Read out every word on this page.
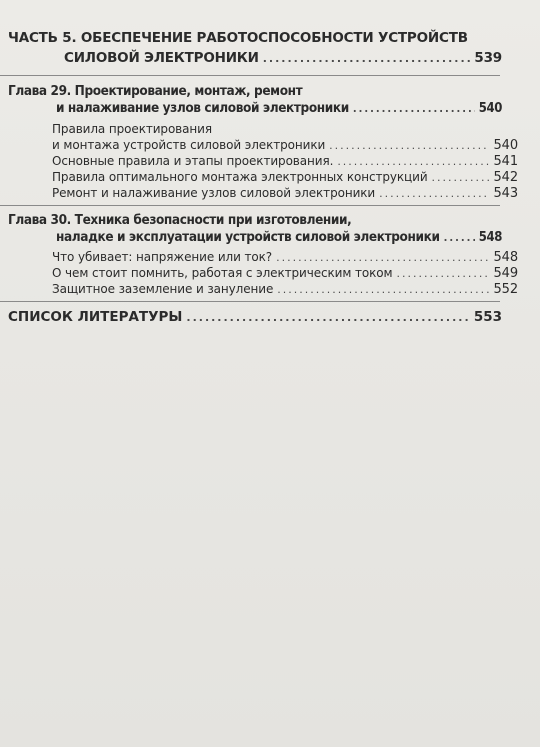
ЧАСТЬ 5. ОБЕСПЕЧЕНИЕ РАБОТОСПОСОБНОСТИ УСТРОЙСТВ
СИЛОВОЙ ЭЛЕКТРОНИКИ .....	539
Глава 29. Проектирование, монтаж, ремонт
и налаживание узлов силовой электроники .....	540
Правила проектирования
и монтажа устройств силовой электроники .....	540
Основные правила и этапы проектирования. .....	541
Правила оптимального монтажа электронных конструкций .....	542
Ремонт и налаживание узлов силовой электроники .....	543
Глава 30. Техника безопасности при изготовлении,
наладке и эксплуатации устройств силовой электроники .....	548
Что убивает: напряжение или ток? .....	548
О чем стоит помнить, работая с электрическим током .....	549
Защитное заземление и зануление .....	552
СПИСОК ЛИТЕРАТУРЫ .....	553
